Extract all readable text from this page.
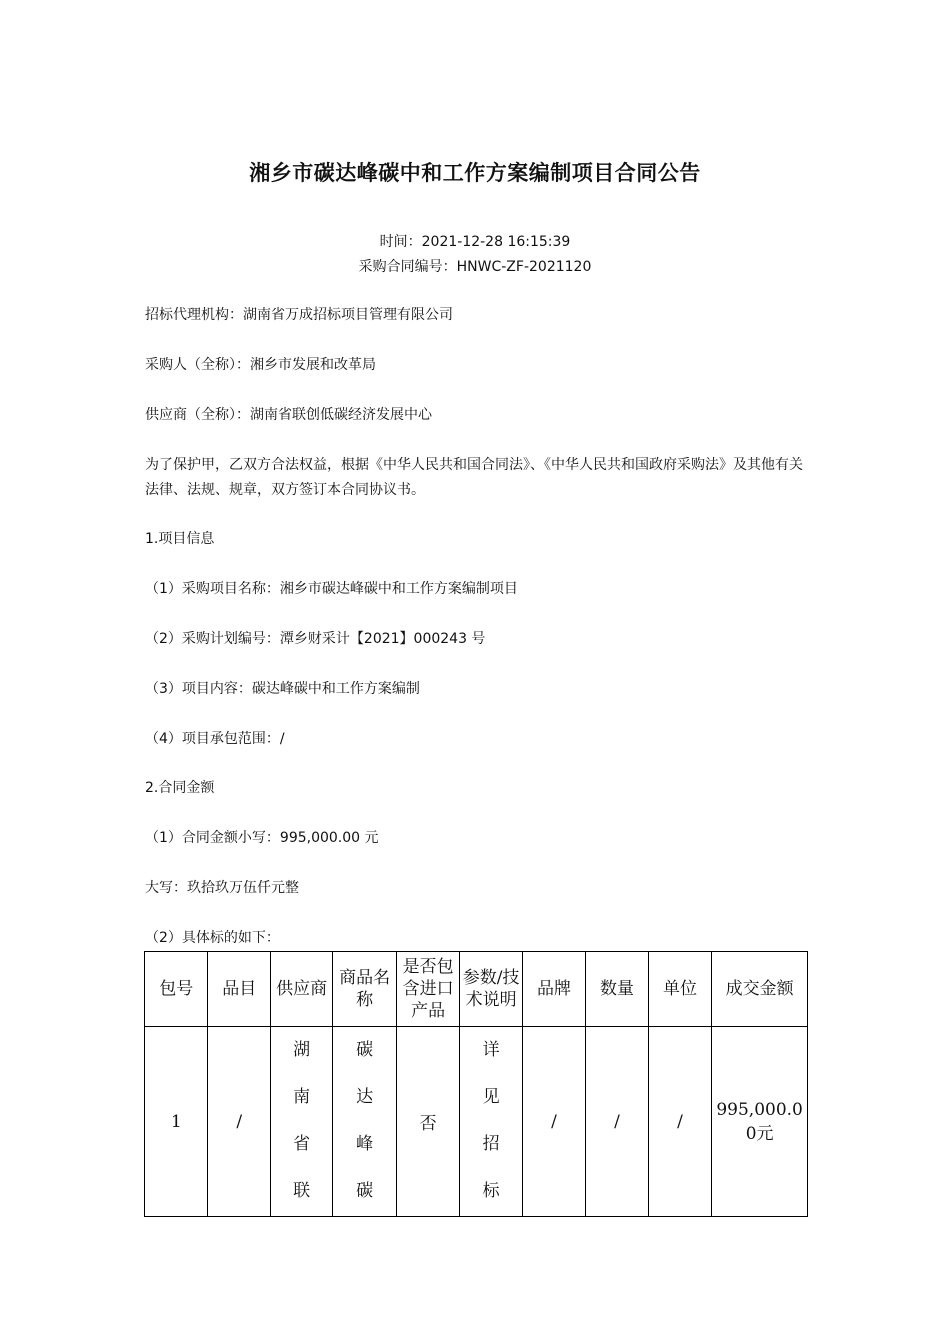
湘乡市碳达峰碳中和工作方案编制项目合同公告
时间：2021-12-28 16:15:39
采购合同编号：HNWC-ZF-2021120
招标代理机构：湖南省万成招标项目管理有限公司
采购人（全称）：湘乡市发展和改革局
供应商（全称）：湖南省联创低碳经济发展中心
为了保护甲，乙双方合法权益，根据《中华人民共和国合同法》、《中华人民共和国政府采购法》及其他有关法律、法规、规章，双方签订本合同协议书。
1.项目信息
（1）采购项目名称：湘乡市碳达峰碳中和工作方案编制项目
（2）采购计划编号：潭乡财采计【2021】000243 号
（3）项目内容：碳达峰碳中和工作方案编制
（4）项目承包范围：/
2.合同金额
（1）合同金额小写：995,000.00 元
大写：玖拾玖万伍仟元整
（2）具体标的如下：
包号	品目	供应商	商品名称	是否包含进口产品	参数/技术说明	品牌	数量	单位	成交金额

1	/	湖南省联	碳达峰碳	否	详见招标	/	/	/	995,000.00元
